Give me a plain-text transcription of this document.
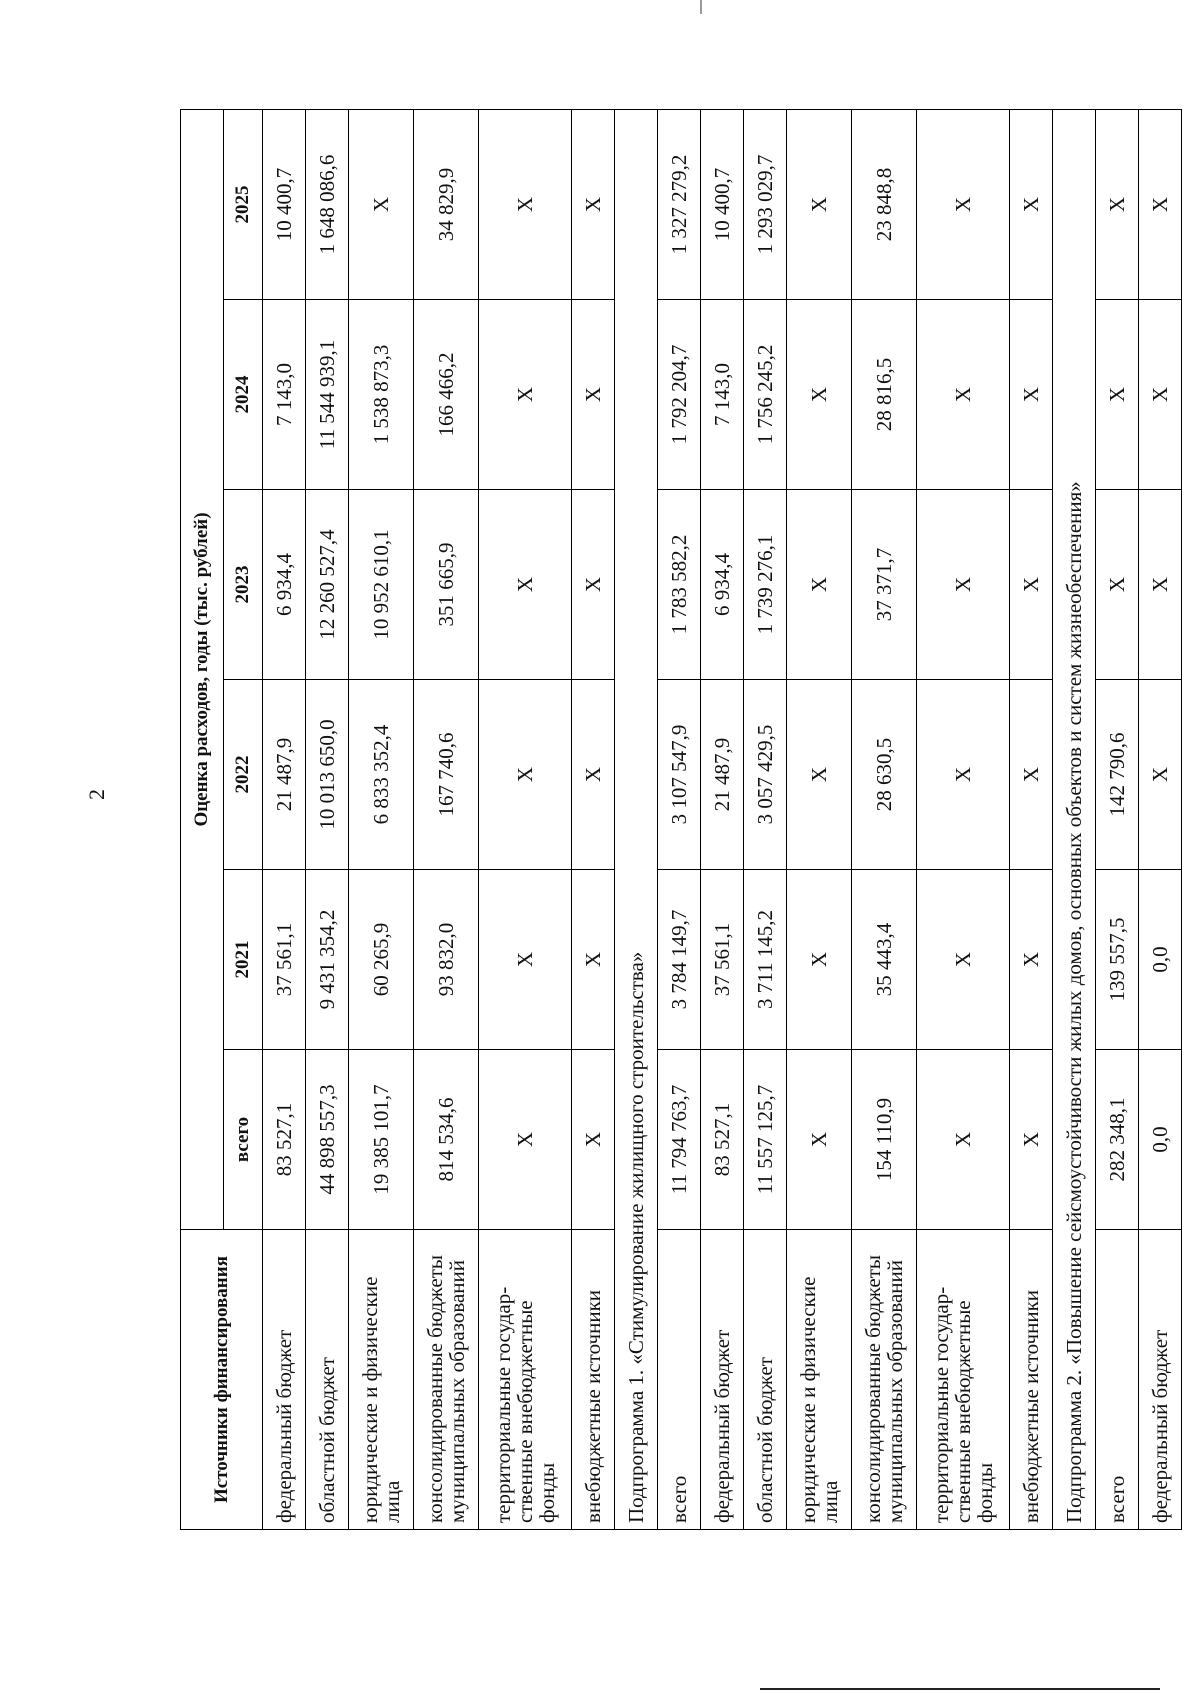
2
Источники финансирования	Оценка расходов, годы (тыс. рублей)					
	всего	2021	2022	2023	2024	2025
федеральный бюджет	83 527,1	37 561,1	21 487,9	6 934,4	7 143,0	10 400,7
областной бюджет	44 898 557,3	9 431 354,2	10 013 650,0	12 260 527,4	11 544 939,1	1 648 086,6
юридические и физические лица	19 385 101,7	60 265,9	6 833 352,4	10 952 610,1	1 538 873,3	Х
консолидированные бюджеты муниципальных образований	814 534,6	93 832,0	167 740,6	351 665,9	166 466,2	34 829,9
территориальные государ-ственные внебюджетные фонды	Х	Х	Х	Х	Х	Х
внебюджетные источники	Х	Х	Х	Х	Х	Х
Подпрограмма 1. «Стимулирование жилищного строительства»						
всего	11 794 763,7	3 784 149,7	3 107 547,9	1 783 582,2	1 792 204,7	1 327 279,2
федеральный бюджет	83 527,1	37 561,1	21 487,9	6 934,4	7 143,0	10 400,7
областной бюджет	11 557 125,7	3 711 145,2	3 057 429,5	1 739 276,1	1 756 245,2	1 293 029,7
юридические и физические лица	Х	Х	Х	Х	Х	Х
консолидированные бюджеты муниципальных образований	154 110,9	35 443,4	28 630,5	37 371,7	28 816,5	23 848,8
территориальные государ-ственные внебюджетные фонды	Х	Х	Х	Х	Х	Х
внебюджетные источники	Х	Х	Х	Х	Х	Х
Подпрограмма 2. «Повышение сейсмоустойчивости жилых домов, основных объектов и систем жизнеобеспечения»						
всего	282 348,1	139 557,5	142 790,6	Х	Х	Х
федеральный бюджет	0,0	0,0	Х	Х	Х	Х
